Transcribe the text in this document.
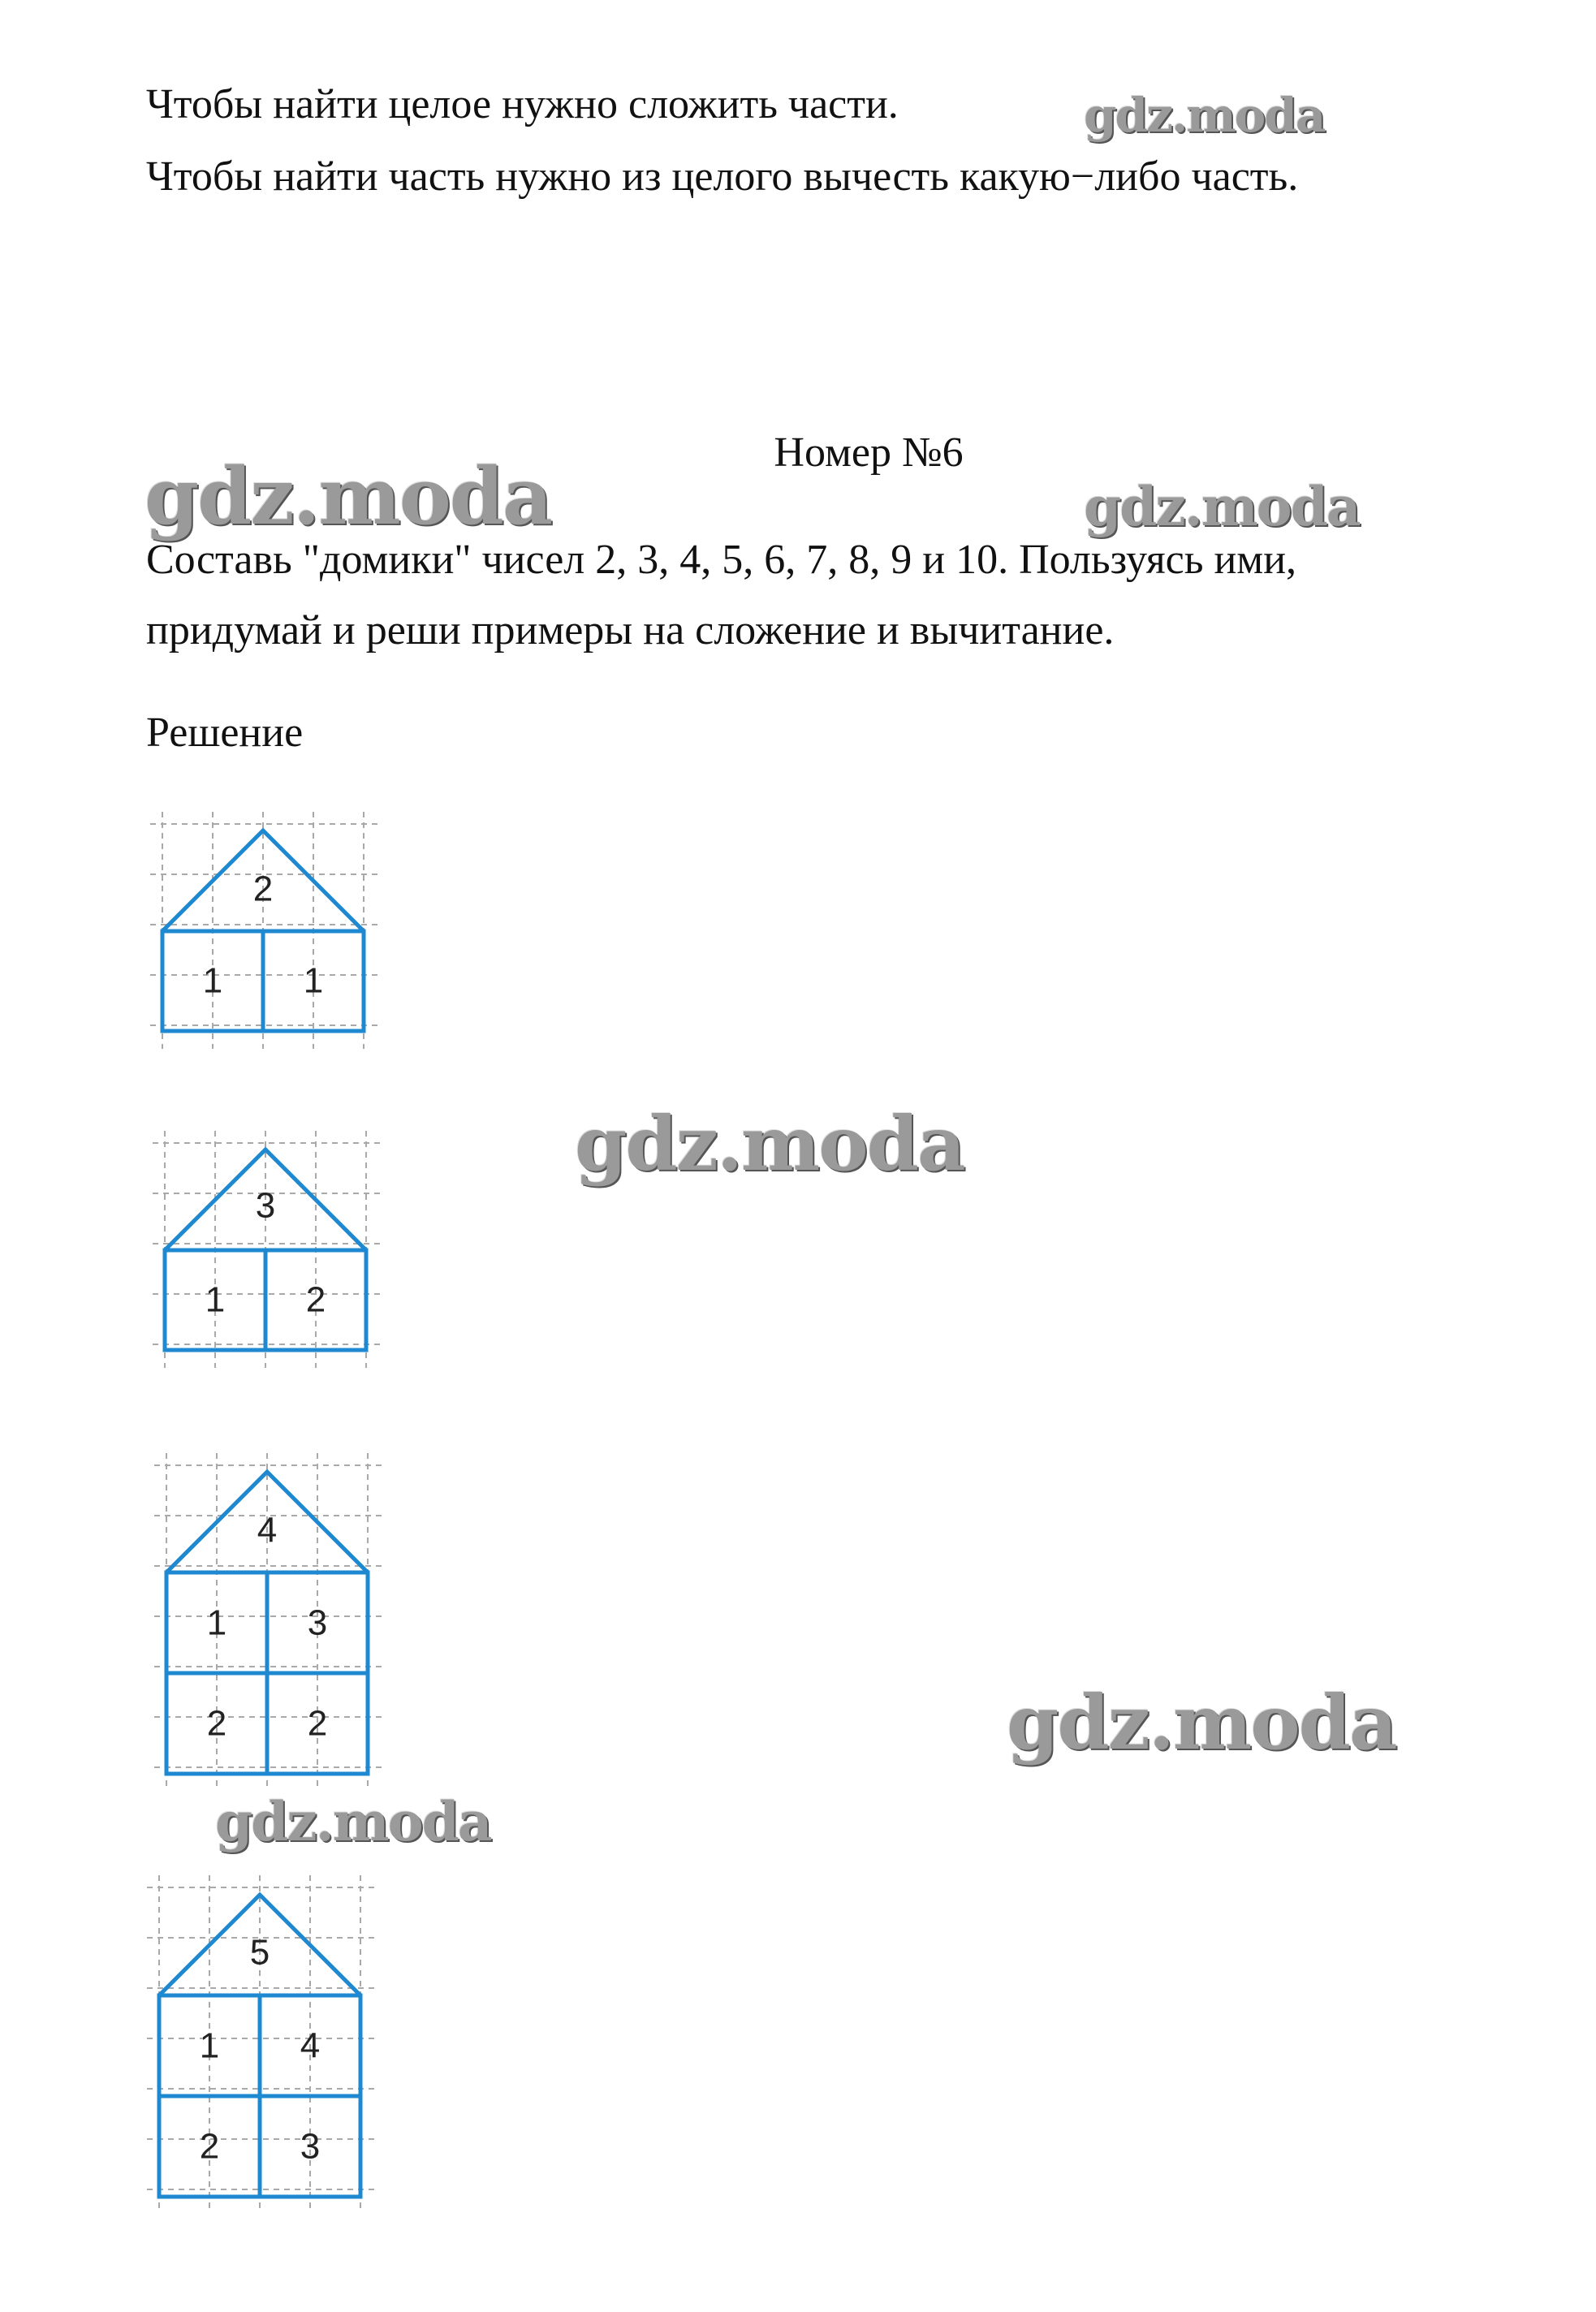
Чтобы найти целое нужно сложить части.
Чтобы найти часть нужно из целого вычесть какую−либо часть.
Номер №6
Составь "домики" чисел 2, 3, 4, 5, 6, 7, 8, 9 и 10. Пользуясь ими,
придумай и реши примеры на сложение и вычитание.
Решение
2
1 1
3
1 2
4
1 3
2 2
5
1 4
2 3
gdz.moda
gdz.moda	gdz.moda
gdz.moda
gdz.moda
gdz.moda
